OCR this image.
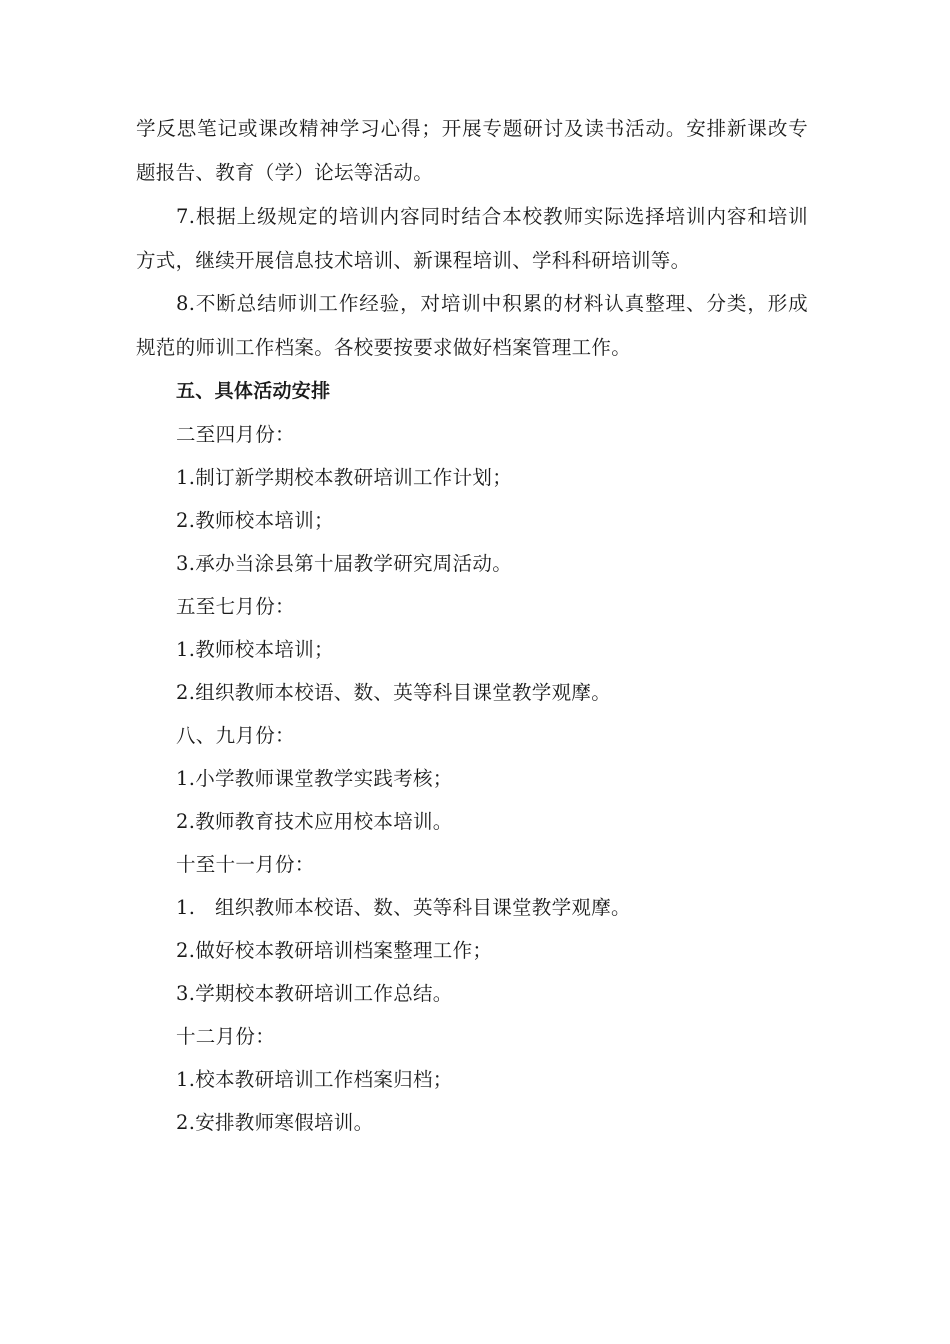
学反思笔记或课改精神学习心得；开展专题研讨及读书活动。安排新课改专
题报告、教育（学）论坛等活动。
7.根据上级规定的培训内容同时结合本校教师实际选择培训内容和培训
方式，继续开展信息技术培训、新课程培训、学科科研培训等。
8.不断总结师训工作经验，对培训中积累的材料认真整理、分类，形成
规范的师训工作档案。各校要按要求做好档案管理工作。
五、具体活动安排
二至四月份：
1.制订新学期校本教研培训工作计划；
2.教师校本培训；
3.承办当涂县第十届教学研究周活动。
五至七月份：
1.教师校本培训；
2.组织教师本校语、数、英等科目课堂教学观摩。
八、九月份：
1.小学教师课堂教学实践考核；
2.教师教育技术应用校本培训。
十至十一月份：
1.　组织教师本校语、数、英等科目课堂教学观摩。
2.做好校本教研培训档案整理工作；
3.学期校本教研培训工作总结。
十二月份：
1.校本教研培训工作档案归档；
2.安排教师寒假培训。
